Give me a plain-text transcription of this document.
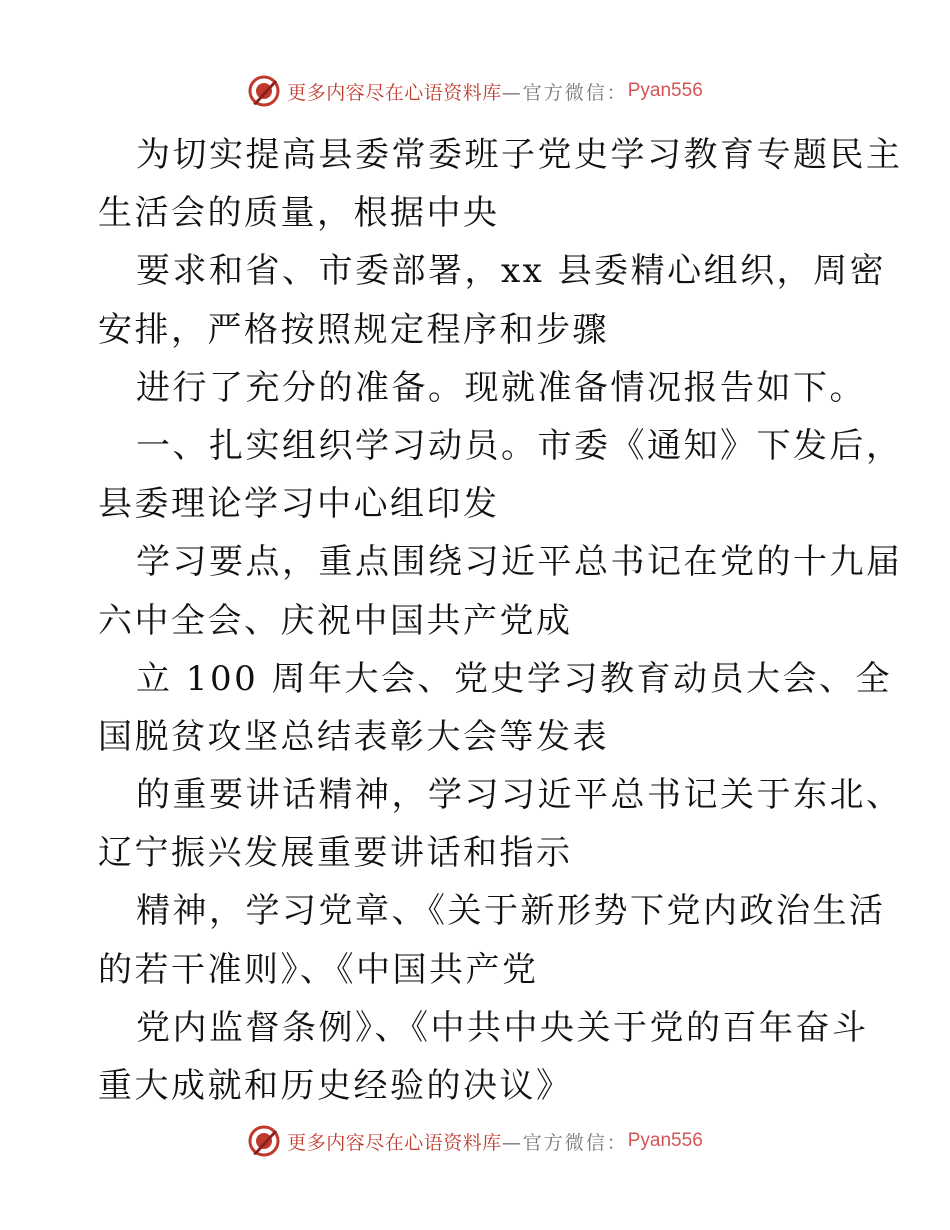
更多内容尽在心语资料库 —官方微信： Pyan556
为切实提高县委常委班子党史学习教育专题民主
生活会的质量，根据中央
要求和省、市委部署，xx 县委精心组织，周密
安排，严格按照规定程序和步骤
进行了充分的准备。现就准备情况报告如下。
一、扎实组织学习动员。市委《通知》下发后，
县委理论学习中心组印发
学习要点，重点围绕习近平总书记在党的十九届
六中全会、庆祝中国共产党成
立 100 周年大会、党史学习教育动员大会、全
国脱贫攻坚总结表彰大会等发表
的重要讲话精神，学习习近平总书记关于东北、
辽宁振兴发展重要讲话和指示
精神，学习党章、《关于新形势下党内政治生活
的若干准则》、《中国共产党
党内监督条例》、《中共中央关于党的百年奋斗
重大成就和历史经验的决议》
更多内容尽在心语资料库 —官方微信： Pyan556
